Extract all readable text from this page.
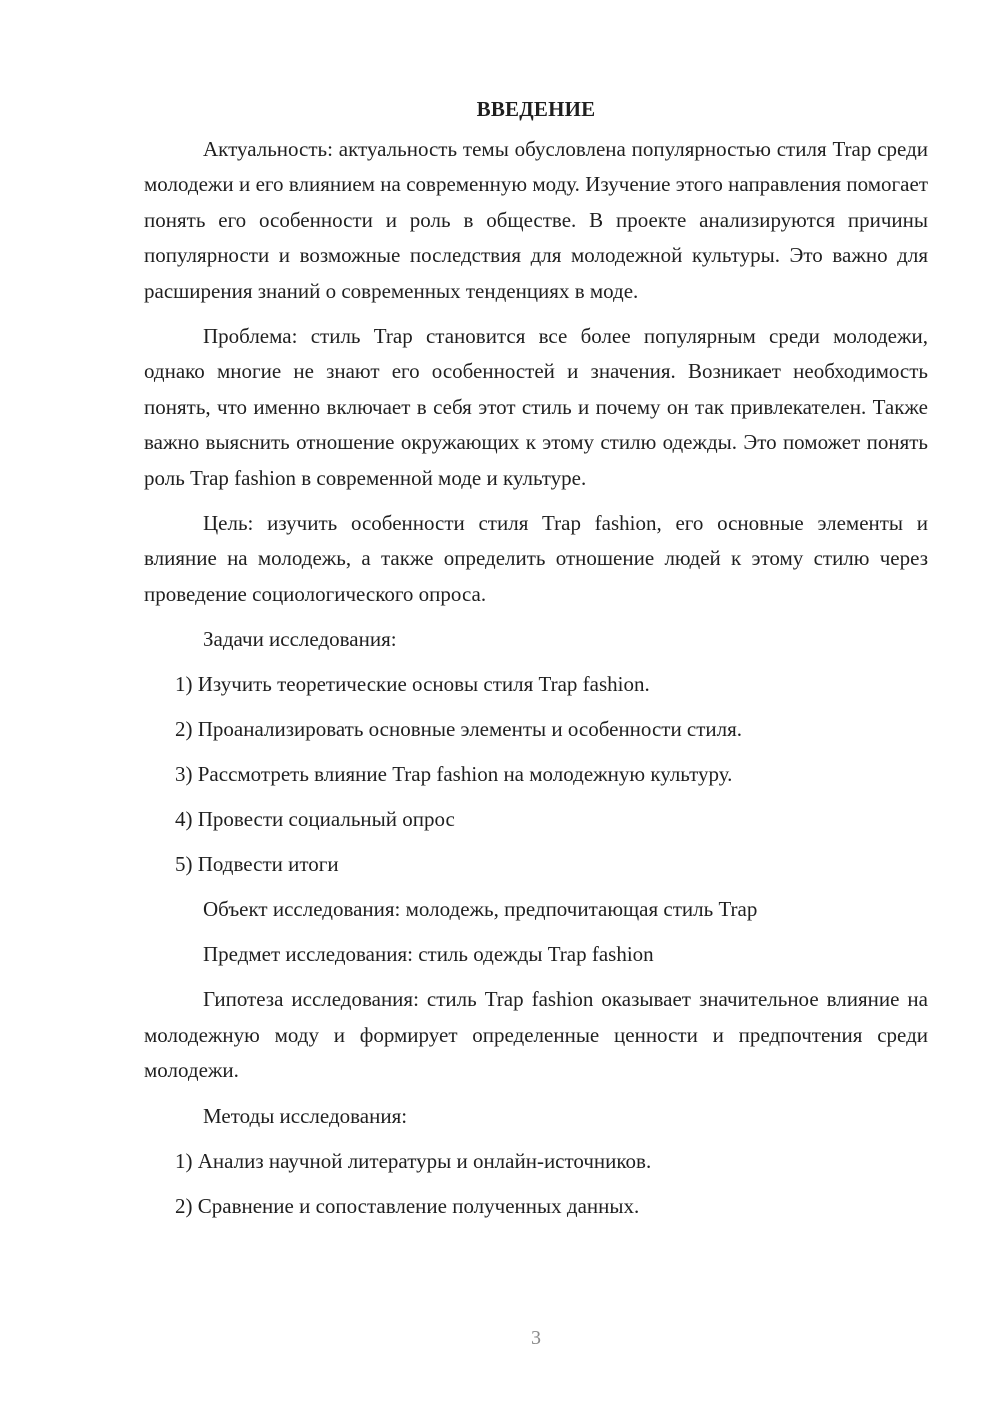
ВВЕДЕНИЕ

Актуальность: актуальность темы обусловлена популярностью стиля Trap среди молодежи и его влиянием на современную моду. Изучение этого направления помогает понять его особенности и роль в обществе. В проекте анализируются причины популярности и возможные последствия для молодежной культуры. Это важно для расширения знаний о современных тенденциях в моде.

Проблема: стиль Trap становится все более популярным среди молодежи, однако многие не знают его особенностей и значения. Возникает необходимость понять, что именно включает в себя этот стиль и почему он так привлекателен. Также важно выяснить отношение окружающих к этому стилю одежды. Это поможет понять роль Trap fashion в современной моде и культуре.

Цель: изучить особенности стиля Trap fashion, его основные элементы и влияние на молодежь, а также определить отношение людей к этому стилю через проведение социологического опроса.

Задачи исследования:
1) Изучить теоретические основы стиля Trap fashion.
2) Проанализировать основные элементы и особенности стиля.
3) Рассмотреть влияние Trap fashion на молодежную культуру.
4) Провести социальный опрос
5) Подвести итоги
Объект исследования: молодежь, предпочитающая стиль Trap
Предмет исследования: стиль одежды Trap fashion

Гипотеза исследования: стиль Trap fashion оказывает значительное влияние на молодежную моду и формирует определенные ценности и предпочтения среди молодежи.

Методы исследования:
1) Анализ научной литературы и онлайн-источников.
2) Сравнение и сопоставление полученных данных.
3
